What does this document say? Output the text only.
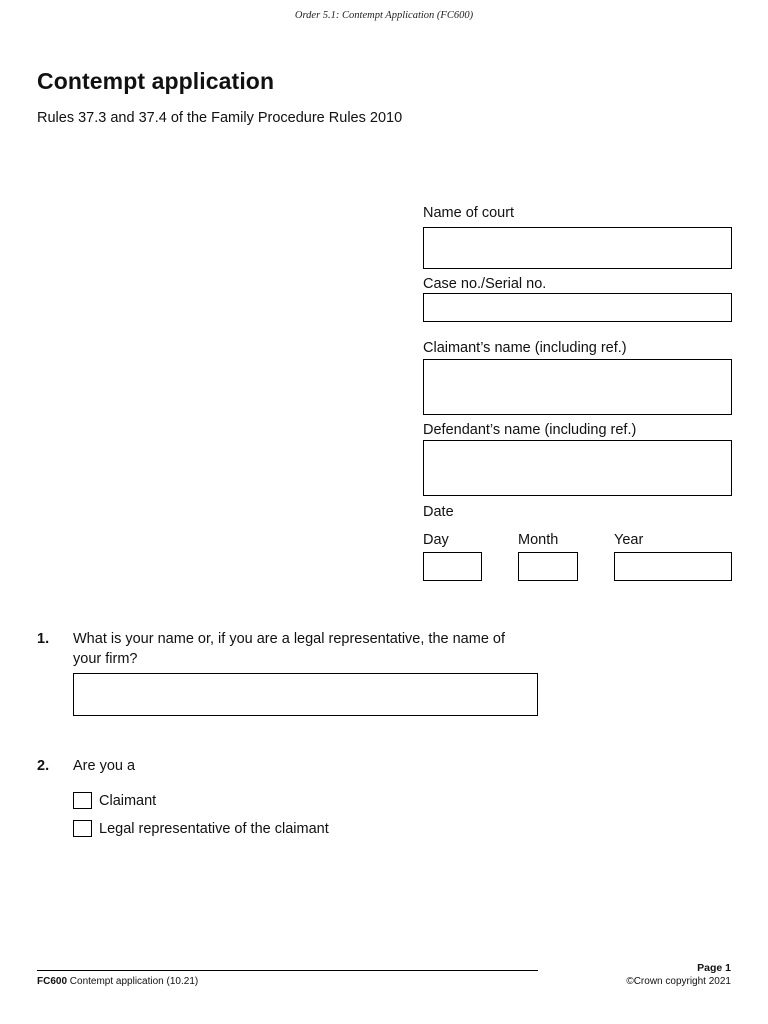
Order 5.1: Contempt Application (FC600)
Contempt application
Rules 37.3 and 37.4 of the Family Procedure Rules 2010
Name of court
Case no./Serial no.
Claimant’s name (including ref.)
Defendant’s name (including ref.)
Date
Day	Month	Year
1. What is your name or, if you are a legal representative, the name of
your firm?
2. Are you a
Claimant
Legal representative of the claimant
FC600 Contempt application (10.21)
Page 1
©Crown copyright 2021
